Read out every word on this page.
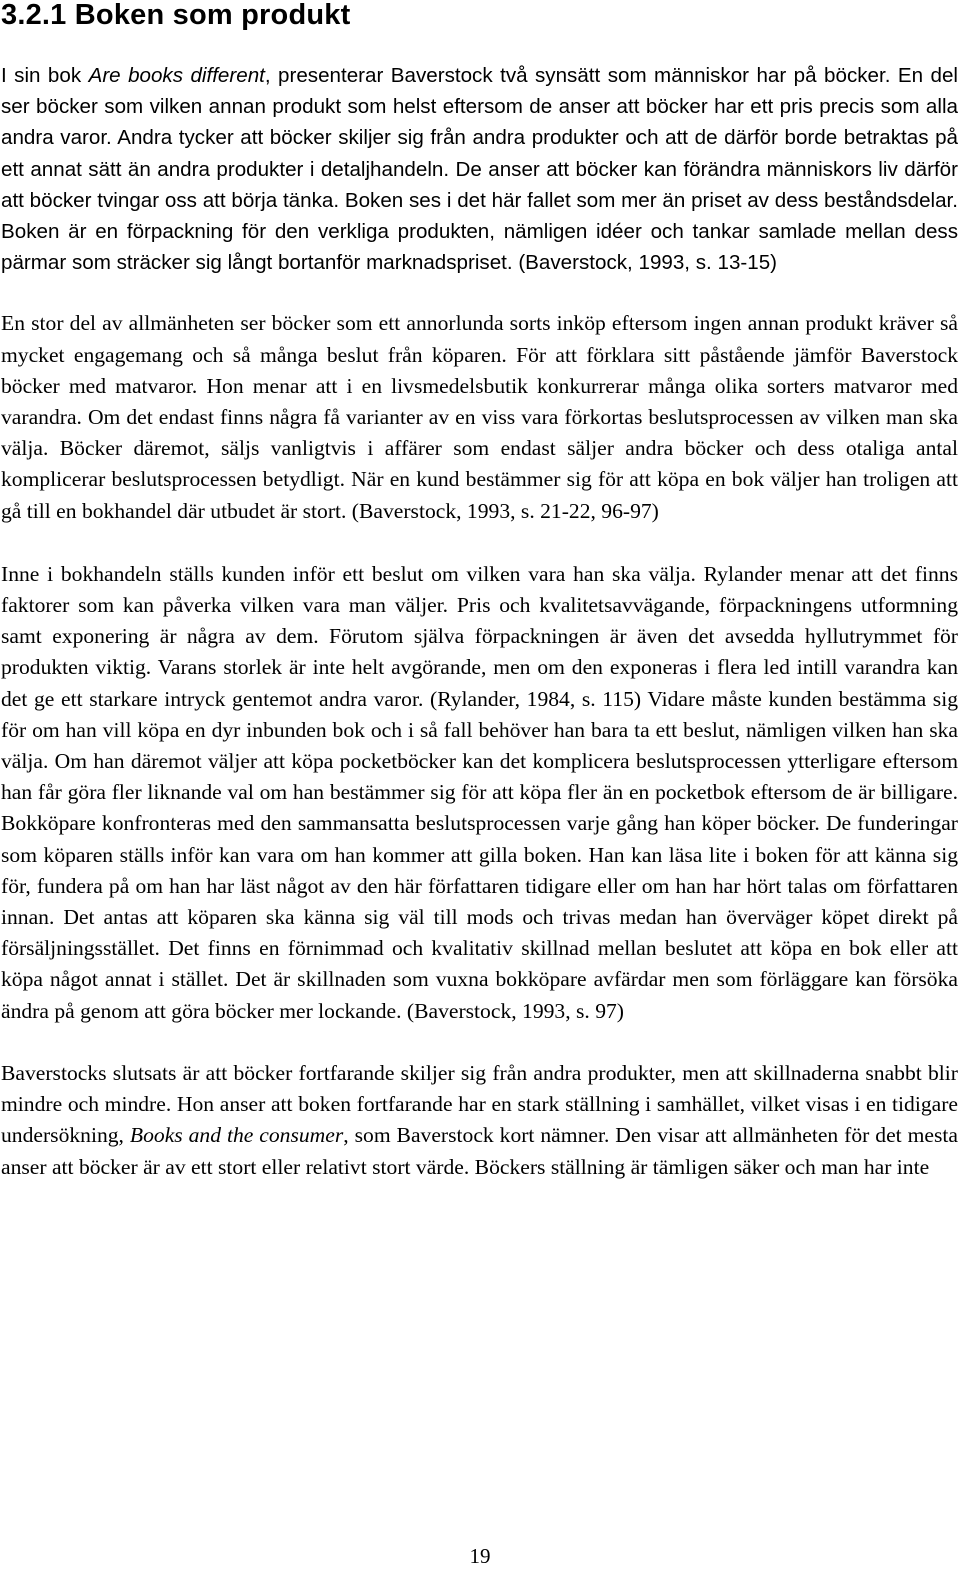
3.2.1 Boken som produkt

I sin bok Are books different, presenterar Baverstock två synsätt som människor har på böcker. En del ser böcker som vilken annan produkt som helst eftersom de anser att böcker har ett pris precis som alla andra varor. Andra tycker att böcker skiljer sig från andra produkter och att de därför borde betraktas på ett annat sätt än andra produkter i detaljhandeln. De anser att böcker kan förändra människors liv därför att böcker tvingar oss att börja tänka. Boken ses i det här fallet som mer än priset av dess beståndsdelar. Boken är en förpackning för den verkliga produkten, nämligen idéer och tankar samlade mellan dess pärmar som sträcker sig långt bortanför marknadspriset. (Baverstock, 1993, s. 13-15)

En stor del av allmänheten ser böcker som ett annorlunda sorts inköp eftersom ingen annan produkt kräver så mycket engagemang och så många beslut från köparen. För att förklara sitt påstående jämför Baverstock böcker med matvaror. Hon menar att i en livsmedelsbutik konkurrerar många olika sorters matvaror med varandra. Om det endast finns några få varianter av en viss vara förkortas beslutsprocessen av vilken man ska välja. Böcker däremot, säljs vanligtvis i affärer som endast säljer andra böcker och dess otaliga antal komplicerar beslutsprocessen betydligt. När en kund bestämmer sig för att köpa en bok väljer han troligen att gå till en bokhandel där utbudet är stort. (Baverstock, 1993, s. 21-22, 96-97)

Inne i bokhandeln ställs kunden inför ett beslut om vilken vara han ska välja. Rylander menar att det finns faktorer som kan påverka vilken vara man väljer. Pris och kvalitetsavvägande, förpackningens utformning samt exponering är några av dem. Förutom själva förpackningen är även det avsedda hyllutrymmet för produkten viktig. Varans storlek är inte helt avgörande, men om den exponeras i flera led intill varandra kan det ge ett starkare intryck gentemot andra varor. (Rylander, 1984, s. 115) Vidare måste kunden bestämma sig för om han vill köpa en dyr inbunden bok och i så fall behöver han bara ta ett beslut, nämligen vilken han ska välja. Om han däremot väljer att köpa pocketböcker kan det komplicera beslutsprocessen ytterligare eftersom han får göra fler liknande val om han bestämmer sig för att köpa fler än en pocketbok eftersom de är billigare. Bokköpare konfronteras med den sammansatta beslutsprocessen varje gång han köper böcker. De funderingar som köparen ställs inför kan vara om han kommer att gilla boken. Han kan läsa lite i boken för att känna sig för, fundera på om han har läst något av den här författaren tidigare eller om han har hört talas om författaren innan. Det antas att köparen ska känna sig väl till mods och trivas medan han överväger köpet direkt på försäljningsstället. Det finns en förnimmad och kvalitativ skillnad mellan beslutet att köpa en bok eller att köpa något annat i stället. Det är skillnaden som vuxna bokköpare avfärdar men som förläggare kan försöka ändra på genom att göra böcker mer lockande. (Baverstock, 1993, s. 97)

Baverstocks slutsats är att böcker fortfarande skiljer sig från andra produkter, men att skillnaderna snabbt blir mindre och mindre. Hon anser att boken fortfarande har en stark ställning i samhället, vilket visas i en tidigare undersökning, Books and the consumer, som Baverstock kort nämner. Den visar att allmänheten för det mesta anser att böcker är av ett stort eller relativt stort värde. Böckers ställning är tämligen säker och man har inte

19
